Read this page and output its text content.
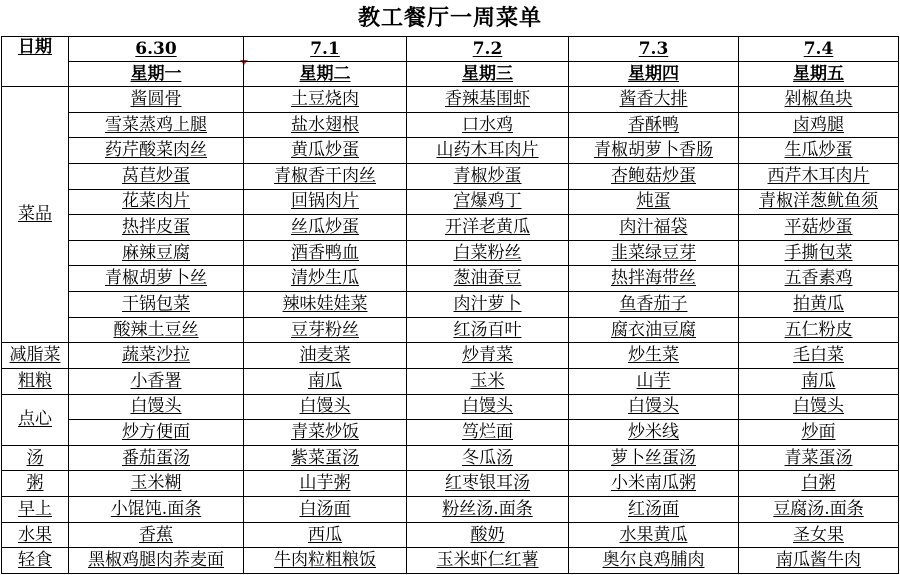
教工餐厅一周菜单
日期	6.30	7.1	7.2	7.3	7.4
	星期一	星期二	星期三	星期四	星期五
菜品	酱圆骨	土豆烧肉	香辣基围虾	酱香大排	剁椒鱼块
	雪菜蒸鸡上腿	盐水翅根	口水鸡	香酥鸭	卤鸡腿
	药芹酸菜肉丝	黄瓜炒蛋	山药木耳肉片	青椒胡萝卜香肠	生瓜炒蛋
	莴苣炒蛋	青椒香干肉丝	青椒炒蛋	杏鲍菇炒蛋	西芹木耳肉片
	花菜肉片	回锅肉片	宫爆鸡丁	炖蛋	青椒洋葱鱿鱼须
	热拌皮蛋	丝瓜炒蛋	开洋老黄瓜	肉汁福袋	平菇炒蛋
	麻辣豆腐	酒香鸭血	白菜粉丝	韭菜绿豆芽	手撕包菜
	青椒胡萝卜丝	清炒生瓜	葱油蚕豆	热拌海带丝	五香素鸡
	干锅包菜	辣味娃娃菜	肉汁萝卜	鱼香茄子	拍黄瓜
	酸辣土豆丝	豆芽粉丝	红汤百叶	腐衣油豆腐	五仁粉皮
减脂菜	蔬菜沙拉	油麦菜	炒青菜	炒生菜	毛白菜
粗粮	小香署	南瓜	玉米	山芋	南瓜
点心	白馒头	白馒头	白馒头	白馒头	白馒头
	炒方便面	青菜炒饭	笃烂面	炒米线	炒面
汤	番茄蛋汤	紫菜蛋汤	冬瓜汤	萝卜丝蛋汤	青菜蛋汤
粥	玉米糊	山芋粥	红枣银耳汤	小米南瓜粥	白粥
早上	小馄饨.面条	白汤面	粉丝汤.面条	红汤面	豆腐汤.面条
水果	香蕉	西瓜	酸奶	水果黄瓜	圣女果
轻食	黑椒鸡腿肉荞麦面	牛肉粒粗粮饭	玉米虾仁红薯	奥尔良鸡脯肉	南瓜酱牛肉
